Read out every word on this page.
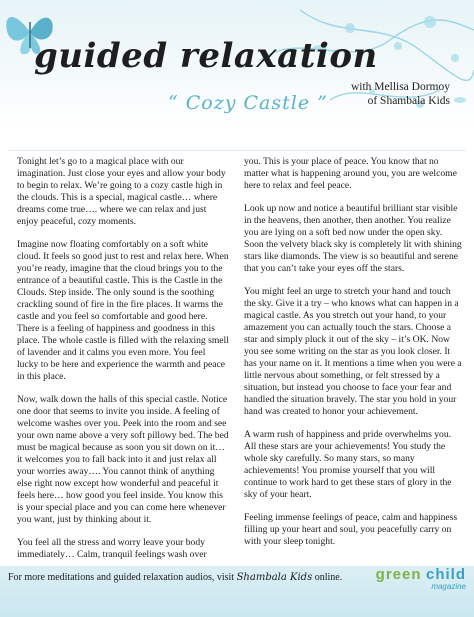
guided relaxation
“ Cozy Castle ”
with Mellisa Dormoy
of Shambala Kids

Tonight let’s go to a magical place with our imagination. Just close your eyes and allow your body to begin to relax. We’re going to a cozy castle high in the clouds. This is a special, magical castle… where dreams come true…. where we can relax and just enjoy peaceful, cozy moments.

Imagine now floating comfortably on a soft white cloud. It feels so good just to rest and relax here. When you’re ready, imagine that the cloud brings you to the entrance of a beautiful castle. This is the Castle in the Clouds. Step inside. The only sound is the soothing crackling sound of fire in the fire places. It warms the castle and you feel so comfortable and good here. There is a feeling of happiness and goodness in this place. The whole castle is filled with the relaxing smell of lavender and it calms you even more. You feel lucky to be here and experience the warmth and peace in this place.

Now, walk down the halls of this special castle. Notice one door that seems to invite you inside. A feeling of welcome washes over you. Peek into the room and see your own name above a very soft pillowy bed. The bed must be magical because as soon you sit down on it… it welcomes you to fall back into it and just relax all your worries away…. You cannot think of anything else right now except how wonderful and peaceful it feels here… how good you feel inside. You know this is your special place and you can come here whenever you want, just by thinking about it.

You feel all the stress and worry leave your body immediately… Calm, tranquil feelings wash over

you. This is your place of peace. You know that no matter what is happening around you, you are welcome here to relax and feel peace.

Look up now and notice a beautiful brilliant star visible in the heavens, then another, then another. You realize you are lying on a soft bed now under the open sky. Soon the velvety black sky is completely lit with shining stars like diamonds. The view is so beautiful and serene that you can’t take your eyes off the stars.

You might feel an urge to stretch your hand and touch the sky. Give it a try – who knows what can happen in a magical castle. As you stretch out your hand, to your amazement you can actually touch the stars. Choose a star and simply pluck it out of the sky – it’s OK. Now you see some writing on the star as you look closer. It has your name on it. It mentions a time when you were a little nervous about something, or felt stressed by a situation, but instead you choose to face your fear and handled the situation bravely. The star you hold in your hand was created to honor your achievement.

A warm rush of happiness and pride overwhelms you. All these stars are your achievements! You study the whole sky carefully. So many stars, so many achievements! You promise yourself that you will continue to work hard to get these stars of glory in the sky of your heart.

Feeling immense feelings of peace, calm and happiness filling up your heart and soul, you peacefully carry on with your sleep tonight.

For more meditations and guided relaxation audios, visit Shambala Kids online. green child
magazine
